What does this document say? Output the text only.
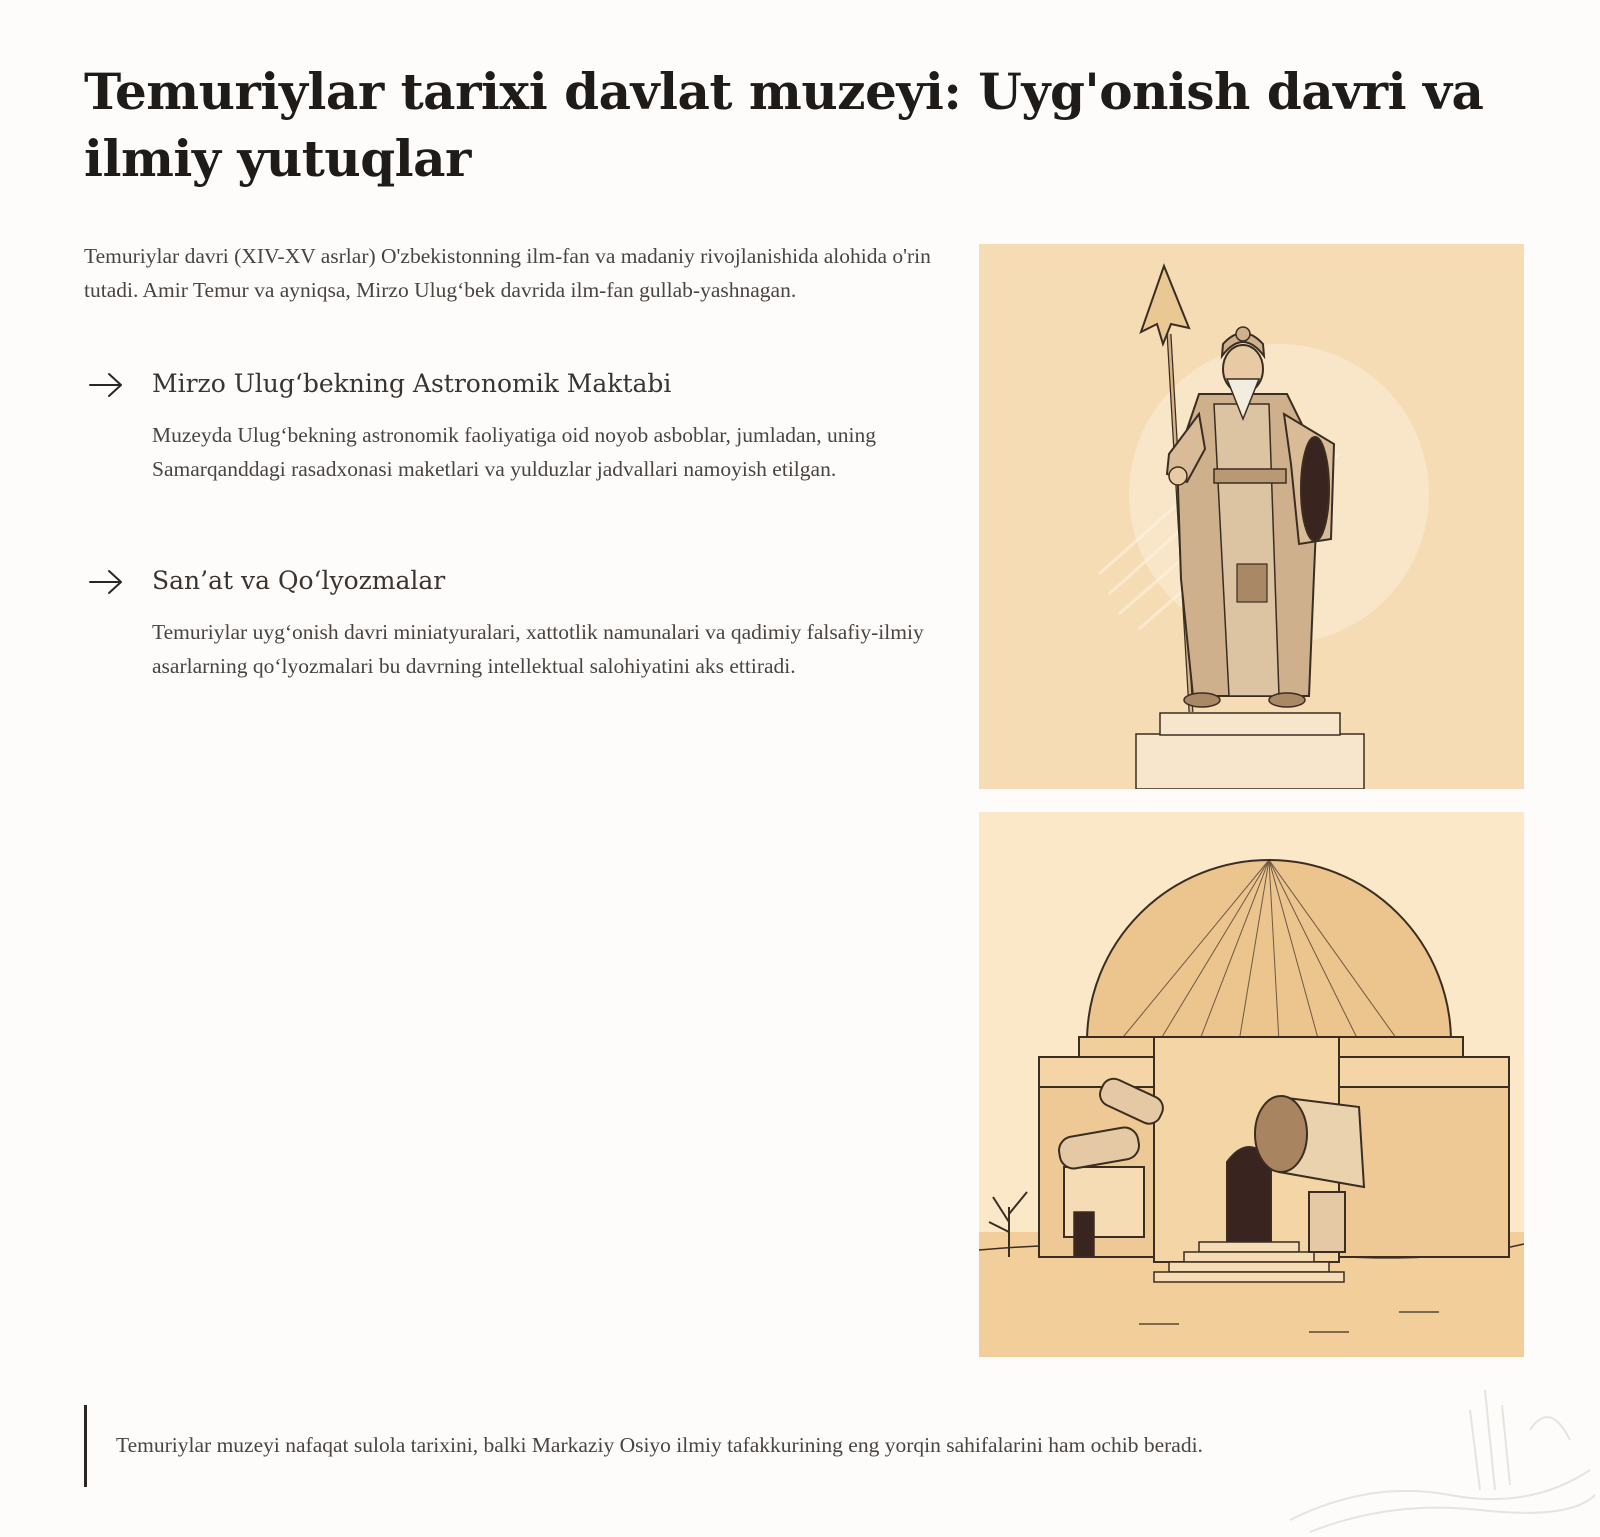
Temuriylar tarixi davlat muzeyi: Uyg'onish davri va ilmiy yutuqlar

Temuriylar davri (XIV-XV asrlar) O'zbekistonning ilm-fan va madaniy rivojlanishida alohida o'rin tutadi. Amir Temur va ayniqsa, Mirzo Ulug‘bek davrida ilm-fan gullab-yashnagan.

Mirzo Ulug‘bekning Astronomik Maktabi

Muzeyda Ulug‘bekning astronomik faoliyatiga oid noyob asboblar, jumladan, uning Samarqanddagi rasadxonasi maketlari va yulduzlar jadvallari namoyish etilgan.

San’at va Qo‘lyozmalar

Temuriylar uyg‘onish davri miniatyuralari, xattotlik namunalari va qadimiy falsafiy-ilmiy asarlarning qo‘lyozmalari bu davrning intellektual salohiyatini aks ettiradi.

Temuriylar muzeyi nafaqat sulola tarixini, balki Markaziy Osiyo ilmiy tafakkurining eng yorqin sahifalarini ham ochib beradi.
